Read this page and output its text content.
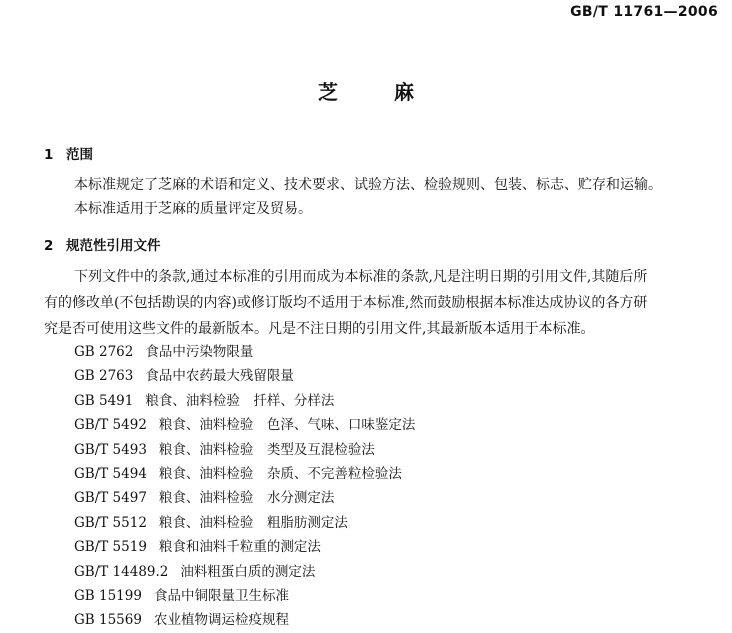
GB/T 11761—2006
芝	麻
1 范围
本标准规定了芝麻的术语和定义、技术要求、试验方法、检验规则、包装、标志、贮存和运输。
本标准适用于芝麻的质量评定及贸易。
2 规范性引用文件
下列文件中的条款,通过本标准的引用而成为本标准的条款,凡是注明日期的引用文件,其随后所
有的修改单(不包括勘误的内容)或修订版均不适用于本标准,然而鼓励根据本标准达成协议的各方研
究是否可使用这些文件的最新版本。凡是不注日期的引用文件,其最新版本适用于本标准。
GB 2762 食品中污染物限量
GB 2763 食品中农药最大残留限量
GB 5491 粮食、油料检验　扦样、分样法
GB/T 5492 粮食、油料检验　色泽、气味、口味鉴定法
GB/T 5493 粮食、油料检验　类型及互混检验法
GB/T 5494 粮食、油料检验　杂质、不完善粒检验法
GB/T 5497 粮食、油料检验　水分测定法
GB/T 5512 粮食、油料检验　粗脂肪测定法
GB/T 5519 粮食和油料千粒重的测定法
GB/T 14489.2 油料粗蛋白质的测定法
GB 15199 食品中铜限量卫生标准
GB 15569 农业植物调运检疫规程
